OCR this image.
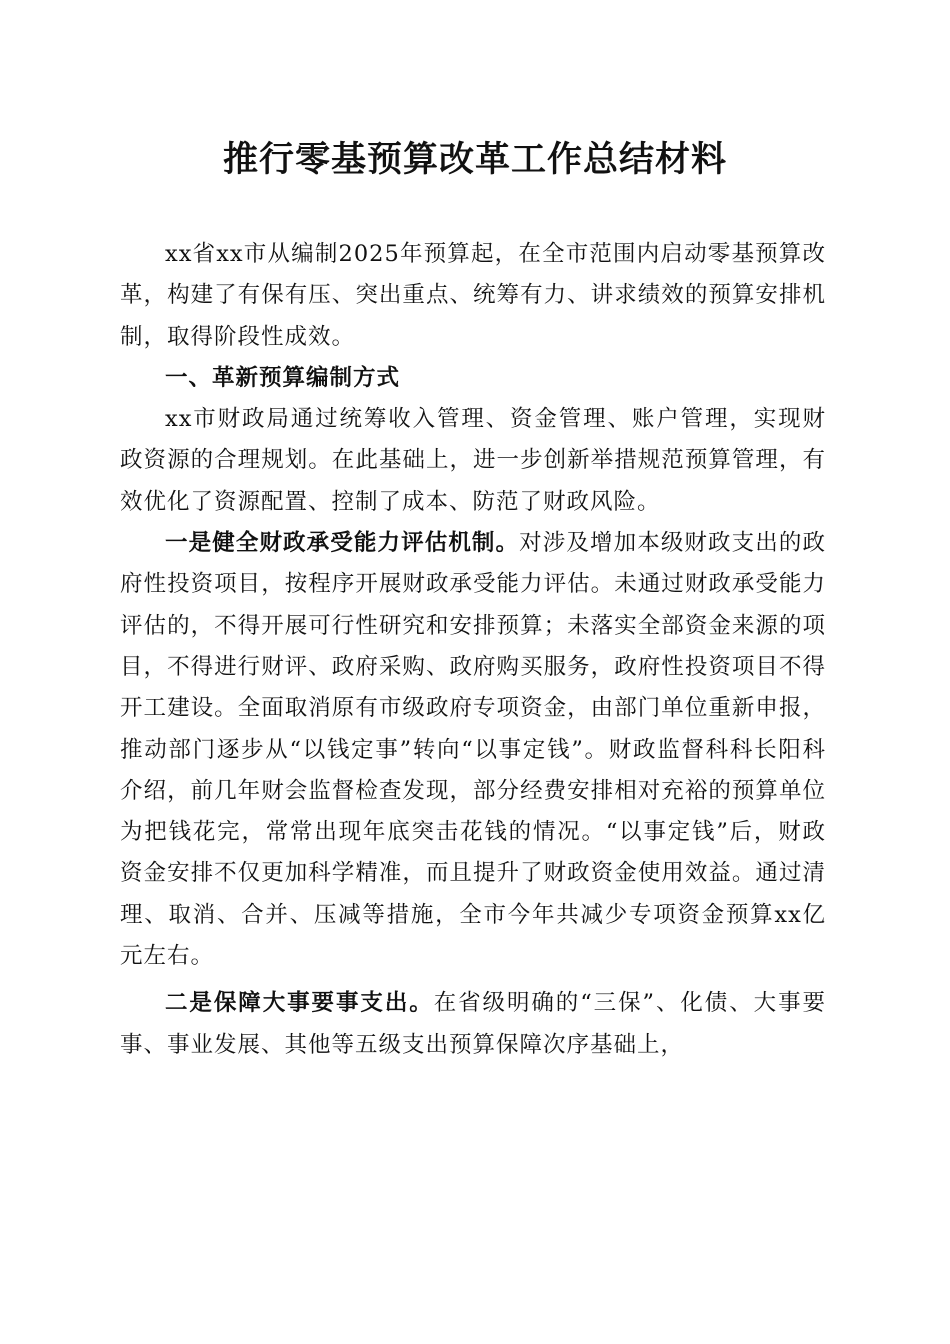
推行零基预算改革工作总结材料

xx省xx市从编制2025年预算起，在全市范围内启动零基预算改革，构建了有保有压、突出重点、统筹有力、讲求绩效的预算安排机制，取得阶段性成效。

一、革新预算编制方式

xx市财政局通过统筹收入管理、资金管理、账户管理，实现财政资源的合理规划。在此基础上，进一步创新举措规范预算管理，有效优化了资源配置、控制了成本、防范了财政风险。

一是健全财政承受能力评估机制。对涉及增加本级财政支出的政府性投资项目，按程序开展财政承受能力评估。未通过财政承受能力评估的，不得开展可行性研究和安排预算；未落实全部资金来源的项目，不得进行财评、政府采购、政府购买服务，政府性投资项目不得开工建设。全面取消原有市级政府专项资金，由部门单位重新申报，推动部门逐步从“以钱定事”转向“以事定钱”。财政监督科科长阳科介绍，前几年财会监督检查发现，部分经费安排相对充裕的预算单位为把钱花完，常常出现年底突击花钱的情况。“以事定钱”后，财政资金安排不仅更加科学精准，而且提升了财政资金使用效益。通过清理、取消、合并、压减等措施，全市今年共减少专项资金预算xx亿元左右。

二是保障大事要事支出。在省级明确的“三保”、化债、大事要事、事业发展、其他等五级支出预算保障次序基础上，
